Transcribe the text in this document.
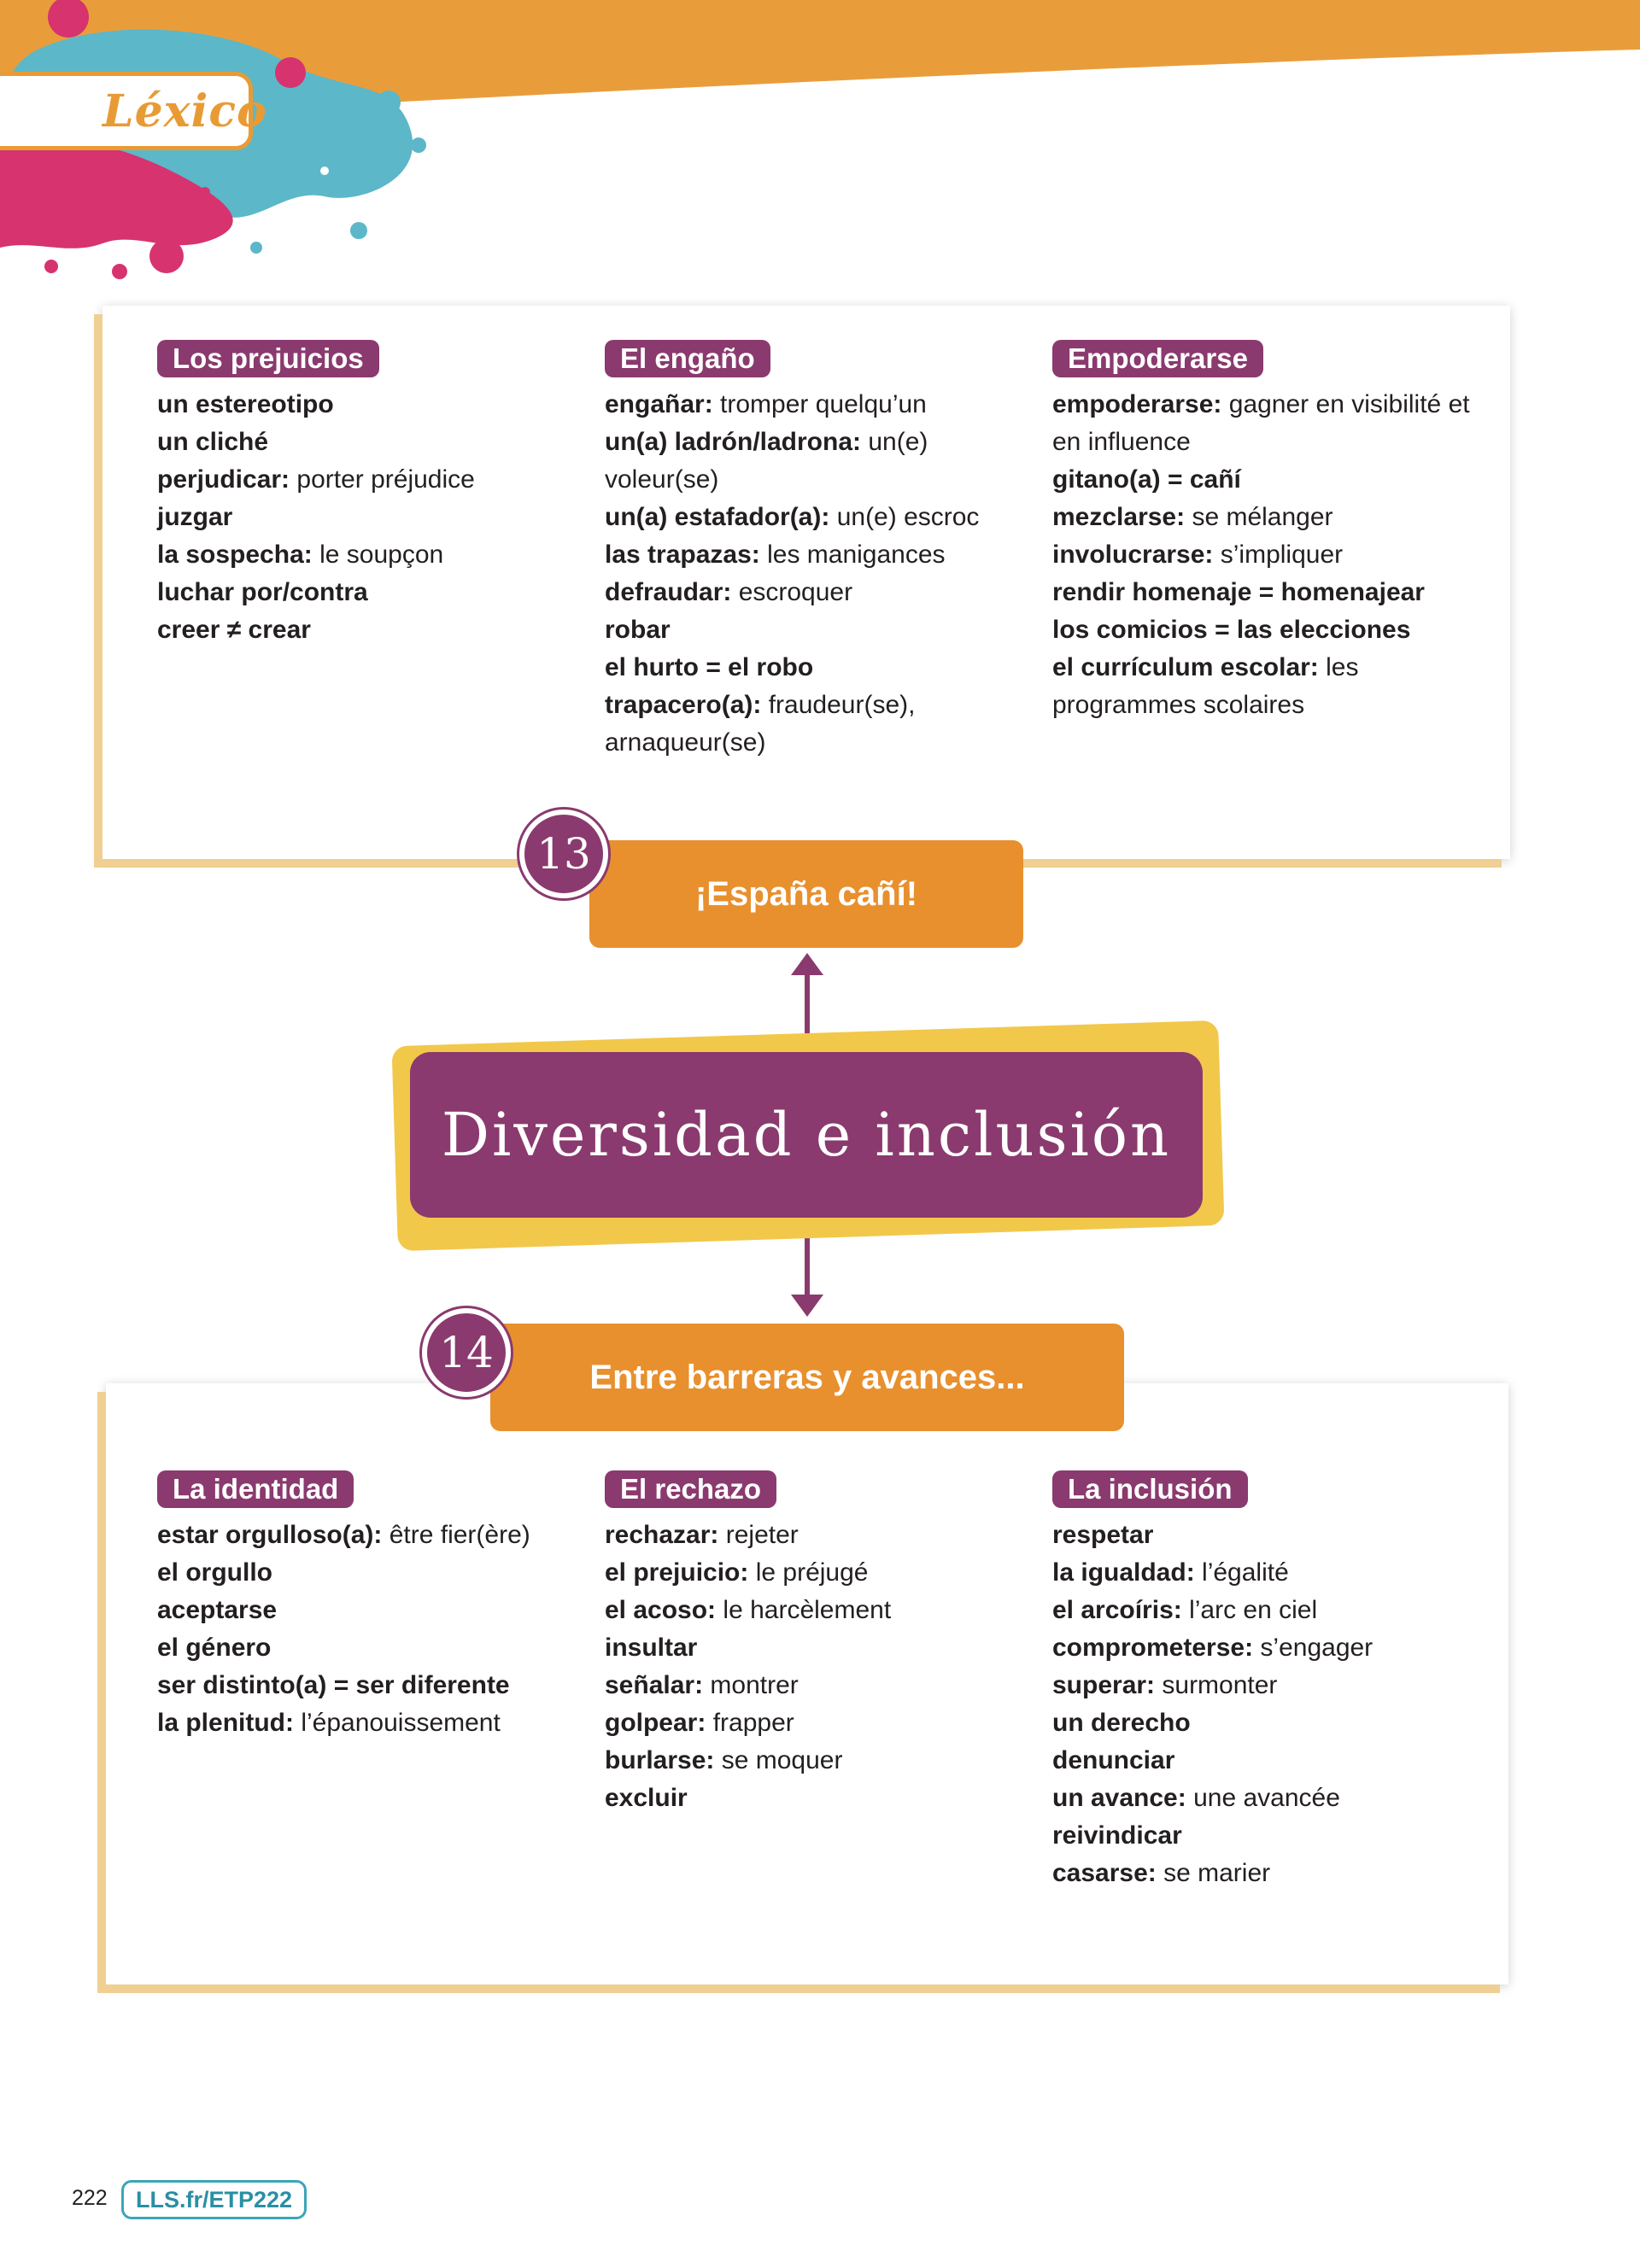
Léxico
Los prejuicios
un estereotipo
un cliché
perjudicar: porter préjudice
juzgar
la sospecha: le soupçon
luchar por/contra
creer ≠ crear
El engaño
engañar: tromper quelqu’un
un(a) ladrón/ladrona: un(e) voleur(se)
un(a) estafador(a): un(e) escroc
las trapazas: les manigances
defraudar: escroquer
robar
el hurto = el robo
trapacero(a): fraudeur(se), arnaqueur(se)
Empoderarse
empoderarse: gagner en visibilité et en influence
gitano(a) = cañí
mezclarse: se mélanger
involucrarse: s’impliquer
rendir homenaje = homenajear
los comicios = las elecciones
el currículum escolar: les programmes scolaires
¡España cañí!
13
Diversidad e inclusión
La identidad
estar orgulloso(a): être fier(ère)
el orgullo
aceptarse
el género
ser distinto(a) = ser diferente
la plenitud: l’épanouissement
El rechazo
rechazar: rejeter
el prejuicio: le préjugé
el acoso: le harcèlement
insultar
señalar: montrer
golpear: frapper
burlarse: se moquer
excluir
La inclusión
respetar
la igualdad: l’égalité
el arcoíris: l’arc en ciel
comprometerse: s’engager
superar: surmonter
un derecho
denunciar
un avance: une avancée
reivindicar
casarse: se marier
Entre barreras y avances...
14
222	LLS.fr/ETP222
